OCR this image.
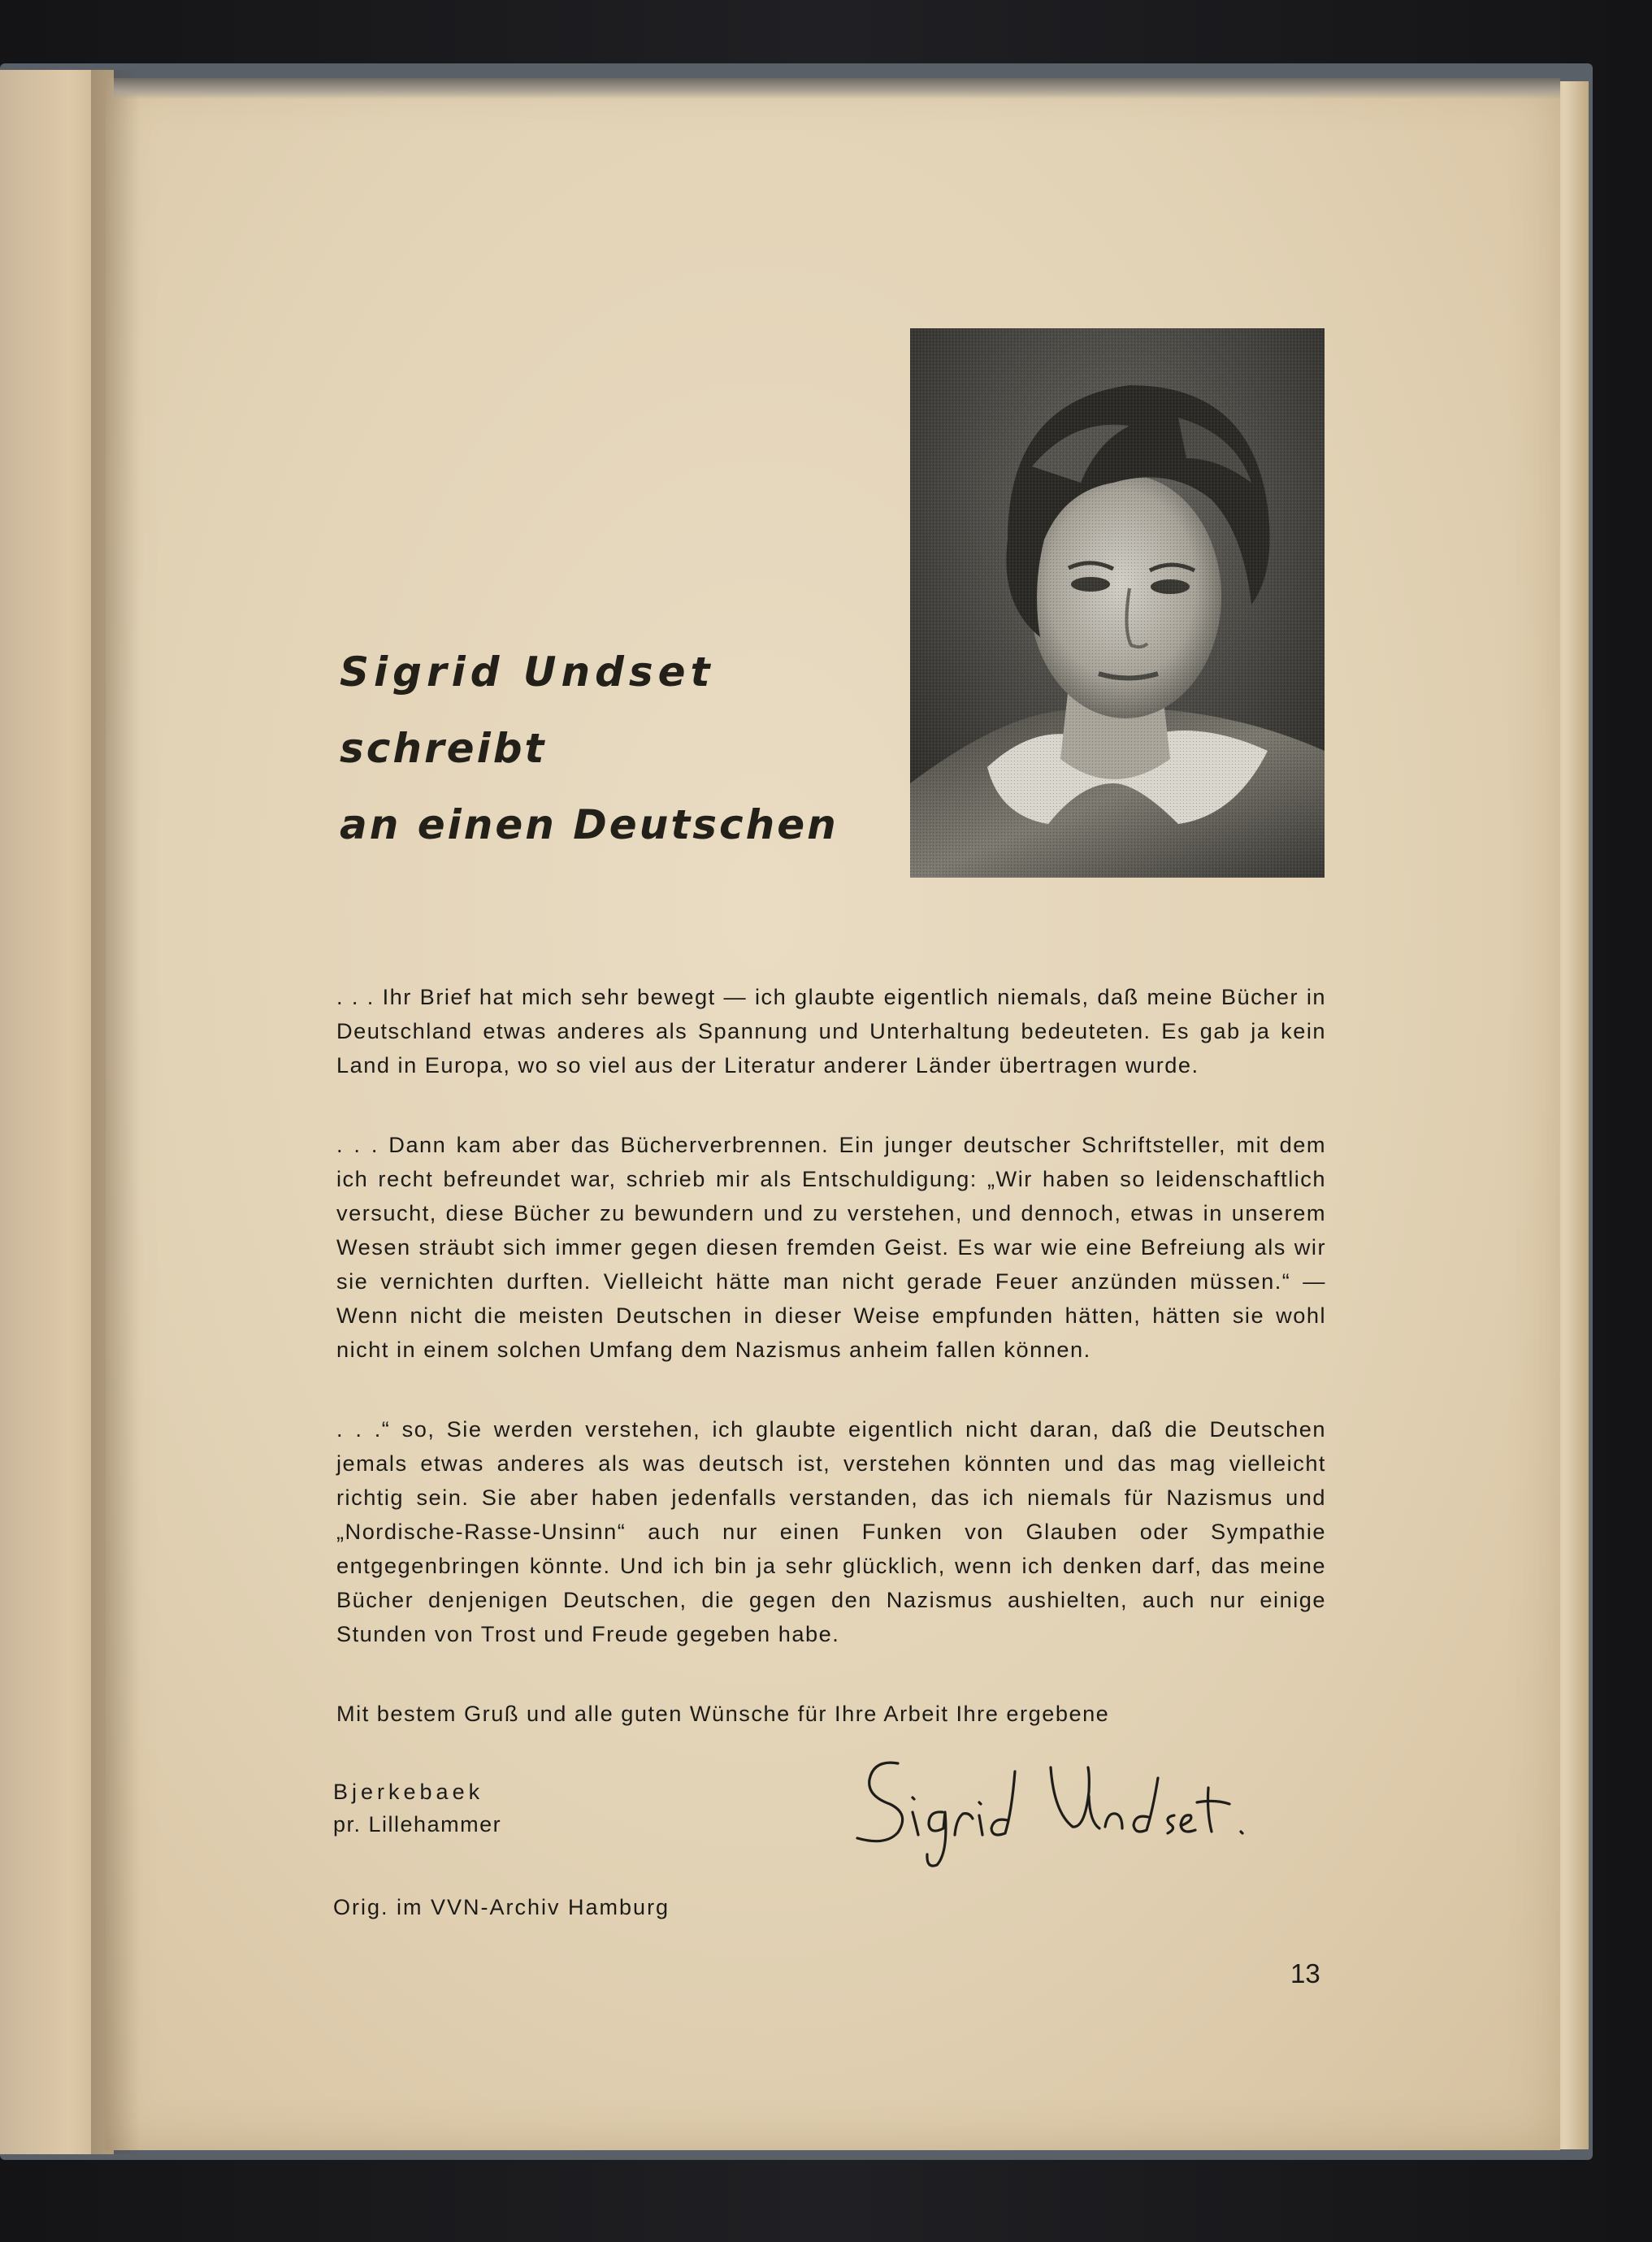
Sigrid Undset
schreibt
an einen Deutschen

. . . Ihr Brief hat mich sehr bewegt — ich glaubte eigentlich niemals, daß meine Bücher in Deutschland etwas anderes als Spannung und Unterhaltung bedeuteten. Es gab ja kein Land in Europa, wo so viel aus der Literatur anderer Länder übertragen wurde.

. . . Dann kam aber das Bücherverbrennen. Ein junger deutscher Schriftsteller, mit dem ich recht befreundet war, schrieb mir als Entschuldigung: „Wir haben so leidenschaftlich versucht, diese Bücher zu bewundern und zu verstehen, und dennoch, etwas in unserem Wesen sträubt sich immer gegen diesen fremden Geist. Es war wie eine Befreiung als wir sie vernichten durften. Vielleicht hätte man nicht gerade Feuer anzünden müssen.“ — Wenn nicht die meisten Deutschen in dieser Weise empfunden hätten, hätten sie wohl nicht in einem solchen Umfang dem Nazismus anheim fallen können.

. . .“ so, Sie werden verstehen, ich glaubte eigentlich nicht daran, daß die Deutschen jemals etwas anderes als was deutsch ist, verstehen könnten und das mag vielleicht richtig sein. Sie aber haben jedenfalls verstanden, das ich niemals für Nazismus und „Nordische-Rasse-Unsinn“ auch nur einen Funken von Glauben oder Sympathie entgegenbringen könnte. Und ich bin ja sehr glücklich, wenn ich denken darf, das meine Bücher denjenigen Deutschen, die gegen den Nazismus aushielten, auch nur einige Stunden von Trost und Freude gegeben habe.

Mit bestem Gruß und alle guten Wünsche für Ihre Arbeit Ihre ergebene

Bjerkebaek
pr. Lillehammer
Orig. im VVN-Archiv Hamburg
13
